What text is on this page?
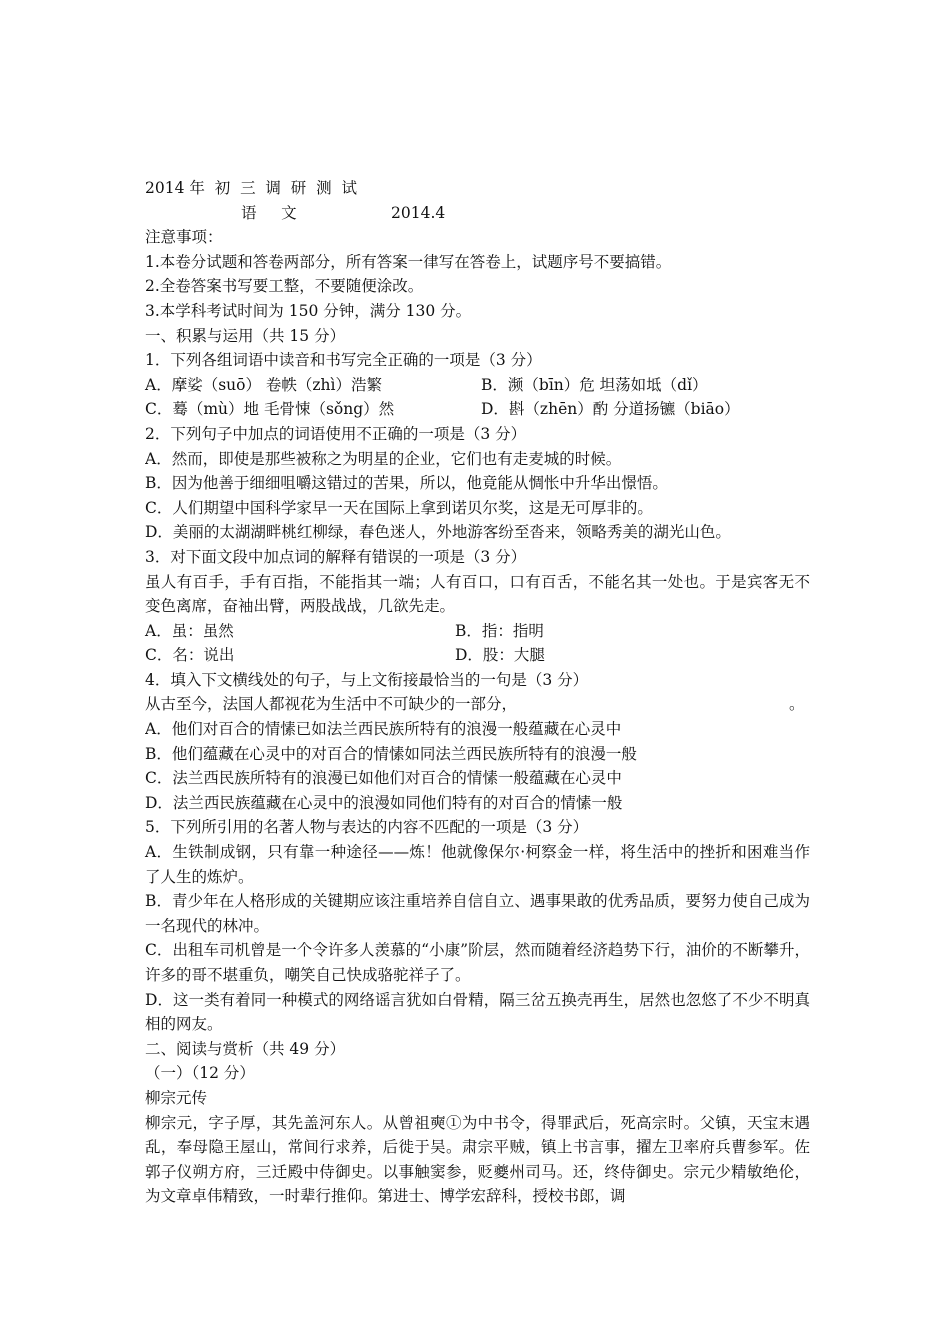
2014 年  初  三  调  研  测  试
语     文	2014.4
注意事项：
1.本卷分试题和答卷两部分，所有答案一律写在答卷上，试题序号不要搞错。
2.全卷答案书写要工整，不要随便涂改。
3.本学科考试时间为 150 分钟，满分 130 分。
一、积累与运用（共 15 分）
1．下列各组词语中读音和书写完全正确的一项是（3 分）
A．摩娑（suō） 卷帙（zhì）浩繁	B．濒（bīn）危 坦荡如坻（dǐ）
C．蓦（mù）地 毛骨悚（sǒng）然	D．斟（zhēn）酌 分道扬镳（biāo）
2．下列句子中加点的词语使用不正确的一项是（3 分）
A．然而，即使是那些被称之为明星的企业，它们也有走麦城的时候。
B．因为他善于细细咀嚼这错过的苦果，所以，他竟能从惆怅中升华出憬悟。
C．人们期望中国科学家早一天在国际上拿到诺贝尔奖，这是无可厚非的。
D．美丽的太湖湖畔桃红柳绿，春色迷人，外地游客纷至沓来，领略秀美的湖光山色。
3．对下面文段中加点词的解释有错误的一项是（3 分）
虽人有百手，手有百指，不能指其一端；人有百口，口有百舌，不能名其一处也。于是宾客无不变色离席，奋袖出臂，两股战战，几欲先走。
A．虽：虽然	B．指：指明
C．名：说出	D．股：大腿
4．填入下文横线处的句子，与上文衔接最恰当的一句是（3 分）
从古至今，法国人都视花为生活中不可缺少的一部分，	。
A．他们对百合的情愫已如法兰西民族所特有的浪漫一般蕴藏在心灵中
B．他们蕴藏在心灵中的对百合的情愫如同法兰西民族所特有的浪漫一般
C．法兰西民族所特有的浪漫已如他们对百合的情愫一般蕴藏在心灵中
D．法兰西民族蕴藏在心灵中的浪漫如同他们特有的对百合的情愫一般
5．下列所引用的名著人物与表达的内容不匹配的一项是（3 分）
A．生铁制成钢，只有靠一种途径——炼！他就像保尔·柯察金一样，将生活中的挫折和困难当作了人生的炼炉。
B．青少年在人格形成的关键期应该注重培养自信自立、遇事果敢的优秀品质，要努力使自己成为一名现代的林冲。
C．出租车司机曾是一个令许多人羡慕的“小康”阶层，然而随着经济趋势下行，油价的不断攀升，许多的哥不堪重负，嘲笑自己快成骆驼祥子了。
D．这一类有着同一种模式的网络谣言犹如白骨精，隔三岔五换壳再生，居然也忽悠了不少不明真相的网友。
二、阅读与赏析（共 49 分）
（一）（12 分）
柳宗元传
柳宗元，字子厚，其先盖河东人。从曾祖奭①为中书令，得罪武后，死高宗时。父镇，天宝末遇乱，奉母隐王屋山，常间行求养，后徙于吴。肃宗平贼，镇上书言事，擢左卫率府兵曹参军。佐郭子仪朔方府，三迁殿中侍御史。以事触窦参，贬夔州司马。还，终侍御史。宗元少精敏绝伦，为文章卓伟精致，一时辈行推仰。第进士、博学宏辞科，授校书郎，调
